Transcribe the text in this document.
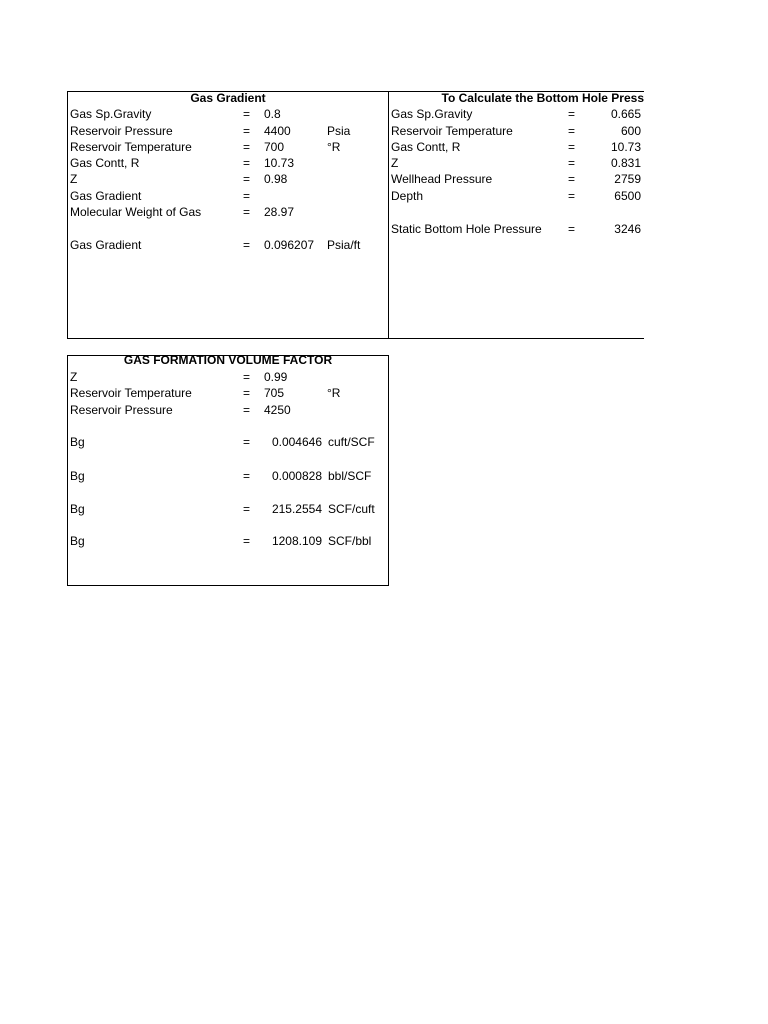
Gas Gradient	To Calculate the Bottom Hole Press
Gas Sp.Gravity	= 0.8
Reservoir Pressure	= 4400	Psia
Reservoir Temperature	= 700	°R
Gas Contt, R	= 10.73
Z	= 0.98
Gas Gradient	=
Molecular Weight of Gas	= 28.97
Gas Gradient	= 0.096207 Psia/ft
Gas Sp.Gravity	=	0.665
Reservoir Temperature	=	600
Gas Contt, R	=	10.73
Z	=	0.831
Wellhead Pressure	=	2759
Depth	=	6500
Static Bottom Hole Pressure =	3246
GAS FORMATION VOLUME FACTOR
Z	= 0.99
Reservoir Temperature	= 705	°R
Reservoir Pressure	= 4250
Bg	=	0.004646 cuft/SCF
Bg	=	0.000828 bbl/SCF
Bg	=	215.2554 SCF/cuft
Bg	=	1208.109 SCF/bbl
